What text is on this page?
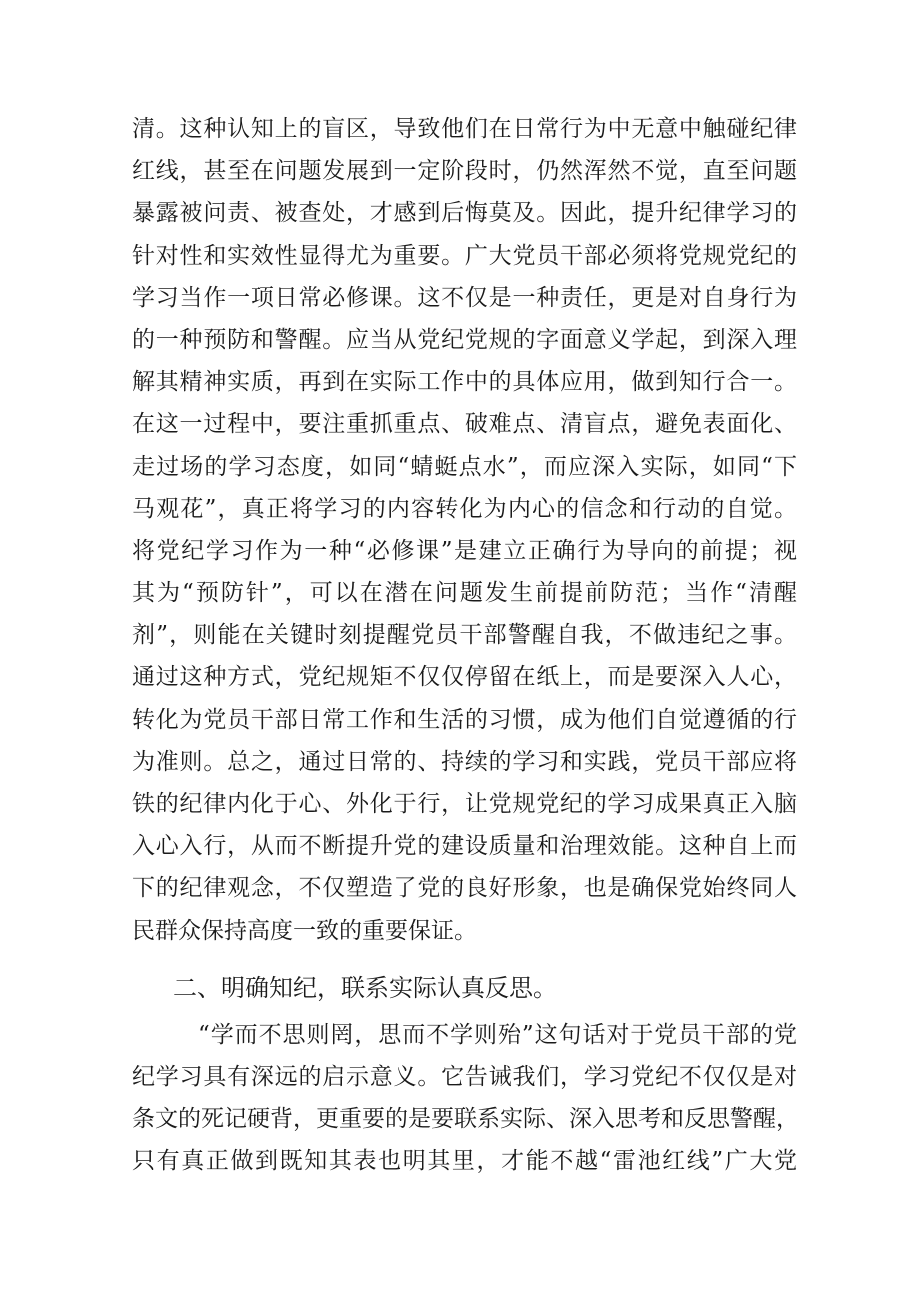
清。这种认知上的盲区，导致他们在日常行为中无意中触碰纪律
红线，甚至在问题发展到一定阶段时，仍然浑然不觉，直至问题
暴露被问责、被查处，才感到后悔莫及。因此，提升纪律学习的
针对性和实效性显得尤为重要。广大党员干部必须将党规党纪的
学习当作一项日常必修课。这不仅是一种责任，更是对自身行为
的一种预防和警醒。应当从党纪党规的字面意义学起，到深入理
解其精神实质，再到在实际工作中的具体应用，做到知行合一。
在这一过程中，要注重抓重点、破难点、清盲点，避免表面化、
走过场的学习态度，如同“蜻蜓点水”，而应深入实际，如同“下
马观花”，真正将学习的内容转化为内心的信念和行动的自觉。
将党纪学习作为一种“必修课”是建立正确行为导向的前提；视
其为“预防针”，可以在潜在问题发生前提前防范；当作“清醒
剂”，则能在关键时刻提醒党员干部警醒自我，不做违纪之事。
通过这种方式，党纪规矩不仅仅停留在纸上，而是要深入人心，
转化为党员干部日常工作和生活的习惯，成为他们自觉遵循的行
为准则。总之，通过日常的、持续的学习和实践，党员干部应将
铁的纪律内化于心、外化于行，让党规党纪的学习成果真正入脑
入心入行，从而不断提升党的建设质量和治理效能。这种自上而
下的纪律观念，不仅塑造了党的良好形象，也是确保党始终同人
民群众保持高度一致的重要保证。
二、明确知纪，联系实际认真反思。
“学而不思则罔，思而不学则殆”这句话对于党员干部的党
纪学习具有深远的启示意义。它告诫我们，学习党纪不仅仅是对
条文的死记硬背，更重要的是要联系实际、深入思考和反思警醒，
只有真正做到既知其表也明其里，才能不越“雷池红线”广大党
